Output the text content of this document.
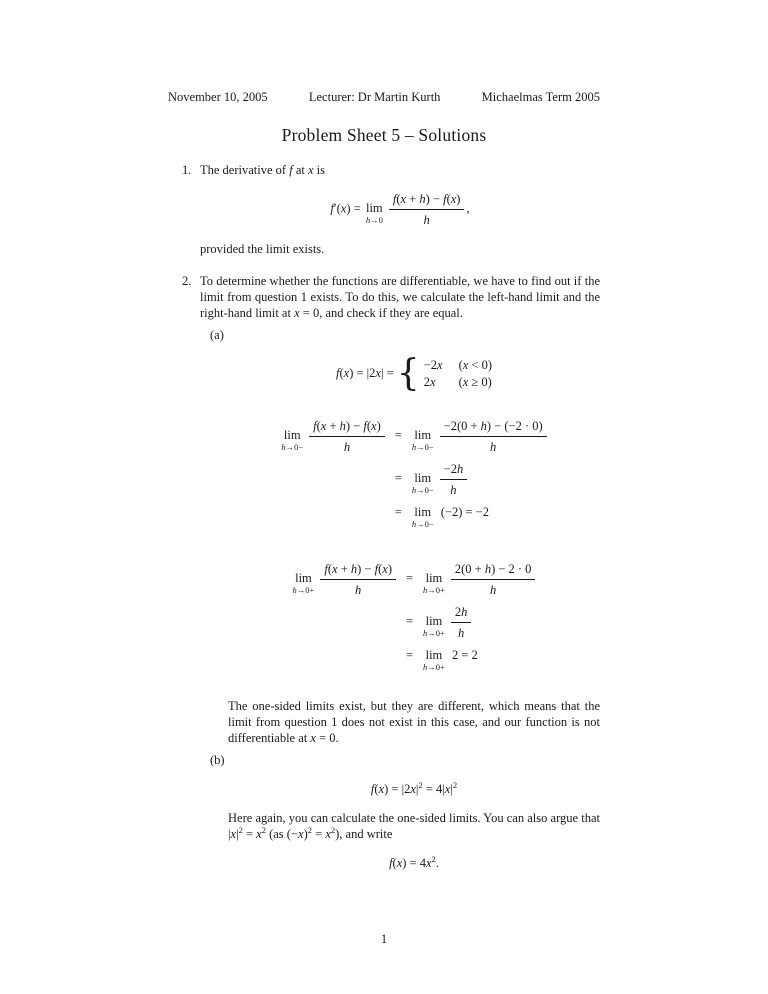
November 10, 2005	Lecturer: Dr Martin Kurth	Michaelmas Term 2005
Problem Sheet 5 – Solutions
1. The derivative of f at x is

f′(x) = lim
$h\to 0 \frac{f(x + h) - f(x)}{h}$ ,

provided the limit exists.

2. To determine whether the functions are differentiable, we have to find out if the limit from question 1 exists. To do this, we calculate the left-hand limit and the right-hand limit at x = 0, and check if they are equal.

(a)
f(x) = |2x| = { −2x (x < 0)
2x	(x ≥ 0)
lim
$h\to 0- \frac{f(x + h) - f(x)}{h}$	=	lim
$h\to 0- \frac{-2(0 + h) - (-2 \cdot 0)}{h}$

	=	lim
$h\to 0- \frac{-2h}{h}$

	=	lim
h→0−
(−2) = −2
lim
$h\to 0+ \frac{f(x + h) - f(x)}{h}$	=	lim
$h\to 0+ \frac{2(0 + h) - 2 \cdot 0}{h}$

	=	lim
$h\to 0+ \frac{2h}{h}$

	=	lim
h→0+
2 = 2

The one-sided limits exist, but they are different, which means that the limit from question 1 does not exist in this case, and our function is not differentiable at x = 0.

(b)
$f(x) = |2x|^2 = 4|x|^2$

Here again, you can calculate the one-sided limits. You can also argue that $|x|^2 = x^2$ (as $(-x)^2 = x^2$), and write

$f(x) = 4x^2$.
1
